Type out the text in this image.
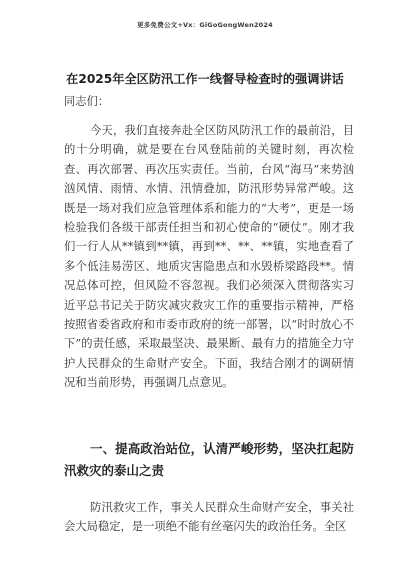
更多免费公文+Vx：GiGoGongWen2024
在2025年全区防汛工作一线督导检查时的强调讲话
同志们：

今天，我们直接奔赴全区防风防汛工作的最前沿，目的十分明确，就是要在台风登陆前的关键时刻，再次检查、再次部署、再次压实责任。当前，台风“海马”来势汹汹风情、雨情、水情、汛情叠加，防汛形势异常严峻。这既是一场对我们应急管理体系和能力的“大考”，更是一场检验我们各级干部责任担当和初心使命的“硬仗”。刚才我们一行人从**镇到**镇，再到**、**、**镇，实地查看了多个低洼易涝区、地质灾害隐患点和水毁桥梁路段**。情况总体可控，但风险不容忽视。我们必须深入贯彻落实习近平总书记关于防灾减灾救灾工作的重要指示精神，严格按照省委省政府和市委市政府的统一部署，以“时时放心不下”的责任感，采取最坚决、最果断、最有力的措施全力守护人民群众的生命财产安全。下面，我结合刚才的调研情况和当前形势，再强调几点意见。

一、提高政治站位，认清严峻形势，坚决扛起防汛救灾的泰山之责

防汛救灾工作，事关人民群众生命财产安全，事关社会大局稳定，是一项绝不能有丝毫闪失的政治任务。全区
